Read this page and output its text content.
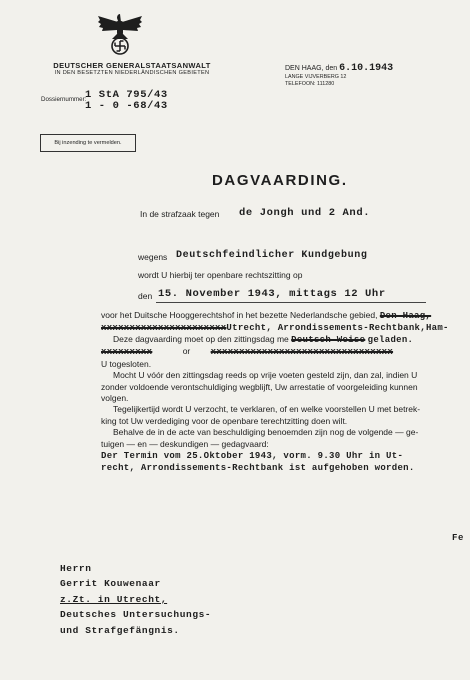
DEUTSCHER GENERALSTAATSANWALT
IN DEN BESETZTEN NIEDERLÄNDISCHEN GEBIETEN
DEN HAAG, den 6.10.1943
LANGE VIJVERBERG 12
TELEFOON: 111280
Dossiernummer:
1 StA 795/43
1 - 0 -68/43
Bij inzending te vermelden.
DAGVAARDING.
In de strafzaak tegen de Jongh und 2 And.
wegens Deutschfeindlicher Kundgebung
wordt U hierbij ter openbare rechtszitting op
den 15. November 1943, mittags 12 Uhr

voor het Duitsche Hooggerechtshof in het bezette Nederlandsche gebied, Den Haag,

xxxxxxxxxxxxxxxxxxxxxxUtrecht, Arrondissements-Rechtbank,Ham-

Deze dagvaarding moet op den zittingsdag me Deutsch Weise geladen.

xxxxxxxxx	or xxxxxxxxxxxxxxxxxxxxxxxxxxxxxxxx

U togesloten.

Mocht U vóór den zittingsdag reeds op vrije voeten gesteld zijn, dan zal, indien U

zonder voldoende verontschuldiging wegblijft, Uw arrestatie of voorgeleiding kunnen

volgen.

Tegelijkertijd wordt U verzocht, te verklaren, of en welke voorstellen U met betrek-

king tot Uw verdediging voor de openbare terechtzitting doen wilt.

Behalve de in de acte van beschuldiging benoemden zijn nog de volgende — ge-

tuigen — en — deskundigen — gedagvaard:

Der Termin vom 25.Oktober 1943, vorm. 9.30 Uhr in Ut-

recht, Arrondissements-Rechtbank ist aufgehoben worden.

Fe
Herrn
Gerrit Kouwenaar
z.Zt. in Utrecht,
Deutsches Untersuchungs-
und Strafgefängnis.
